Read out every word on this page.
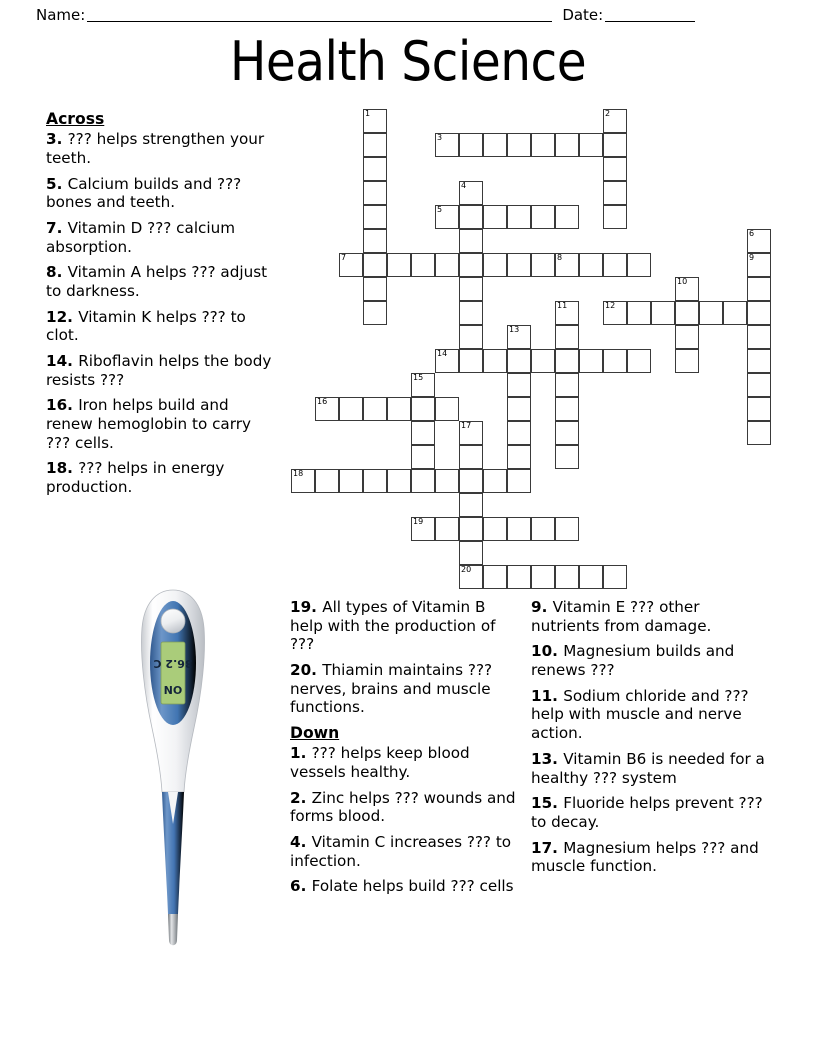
Name:	Date:
Health Science
1	2
3
4
5
6
9
7	8
10
11	12
13
14
15
16
17
18
19
20
Across
3. ??? helps strengthen your teeth.
5. Calcium builds and ??? bones and teeth.
7. Vitamin D ??? calcium absorption.
8. Vitamin A helps ??? adjust to darkness.
12. Vitamin K helps ??? to clot.
14. Riboflavin helps the body resists ???
16. Iron helps build and renew hemoglobin to carry ??? cells.
18. ??? helps in energy production.
19. All types of Vitamin B help with the production of ???
20. Thiamin maintains ??? nerves, brains and muscle functions.
Down
1. ??? helps keep blood vessels healthy.
2. Zinc helps ??? wounds and forms blood.
4. Vitamin C increases ??? to infection.
6. Folate helps build ??? cells
9. Vitamin E ??? other nutrients from damage.
10. Magnesium builds and renews ???
11. Sodium chloride and ??? help with muscle and nerve action.
13. Vitamin B6 is needed for a healthy ??? system
15. Fluoride helps prevent ??? to decay.
17. Magnesium helps ??? and muscle function.
ON
36.2 C
